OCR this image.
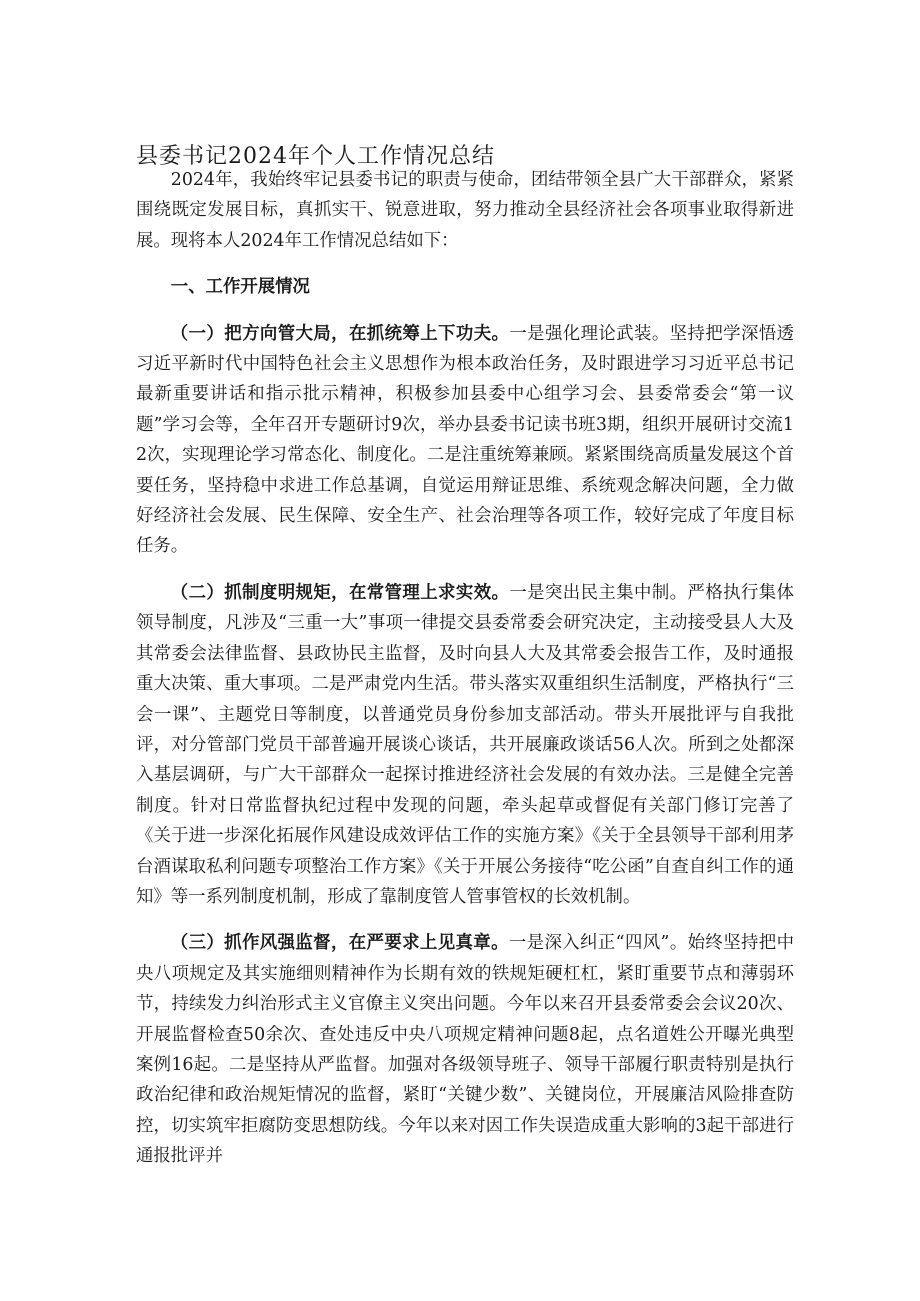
县委书记2024年个人工作情况总结

2024年，我始终牢记县委书记的职责与使命，团结带领全县广大干部群众，紧紧围绕既定发展目标，真抓实干、锐意进取，努力推动全县经济社会各项事业取得新进展。现将本人2024年工作情况总结如下：

一、工作开展情况

（一）把方向管大局，在抓统筹上下功夫。一是强化理论武装。坚持把学深悟透习近平新时代中国特色社会主义思想作为根本政治任务，及时跟进学习习近平总书记最新重要讲话和指示批示精神，积极参加县委中心组学习会、县委常委会“第一议题”学习会等，全年召开专题研讨9次，举办县委书记读书班3期，组织开展研讨交流12次，实现理论学习常态化、制度化。二是注重统筹兼顾。紧紧围绕高质量发展这个首要任务，坚持稳中求进工作总基调，自觉运用辩证思维、系统观念解决问题，全力做好经济社会发展、民生保障、安全生产、社会治理等各项工作，较好完成了年度目标任务。

（二）抓制度明规矩，在常管理上求实效。一是突出民主集中制。严格执行集体领导制度，凡涉及“三重一大”事项一律提交县委常委会研究决定，主动接受县人大及其常委会法律监督、县政协民主监督，及时向县人大及其常委会报告工作，及时通报重大决策、重大事项。二是严肃党内生活。带头落实双重组织生活制度，严格执行“三会一课”、主题党日等制度，以普通党员身份参加支部活动。带头开展批评与自我批评，对分管部门党员干部普遍开展谈心谈话，共开展廉政谈话56人次。所到之处都深入基层调研，与广大干部群众一起探讨推进经济社会发展的有效办法。三是健全完善制度。针对日常监督执纪过程中发现的问题，牵头起草或督促有关部门修订完善了《关于进一步深化拓展作风建设成效评估工作的实施方案》《关于全县领导干部利用茅台酒谋取私利问题专项整治工作方案》《关于开展公务接待“吃公函”自查自纠工作的通知》等一系列制度机制，形成了靠制度管人管事管权的长效机制。

（三）抓作风强监督，在严要求上见真章。一是深入纠正“四风”。始终坚持把中央八项规定及其实施细则精神作为长期有效的铁规矩硬杠杠，紧盯重要节点和薄弱环节，持续发力纠治形式主义官僚主义突出问题。今年以来召开县委常委会会议20次、开展监督检查50余次、查处违反中央八项规定精神问题8起，点名道姓公开曝光典型案例16起。二是坚持从严监督。加强对各级领导班子、领导干部履行职责特别是执行政治纪律和政治规矩情况的监督，紧盯“关键少数”、关键岗位，开展廉洁风险排查防控，切实筑牢拒腐防变思想防线。今年以来对因工作失误造成重大影响的3起干部进行通报批评并
